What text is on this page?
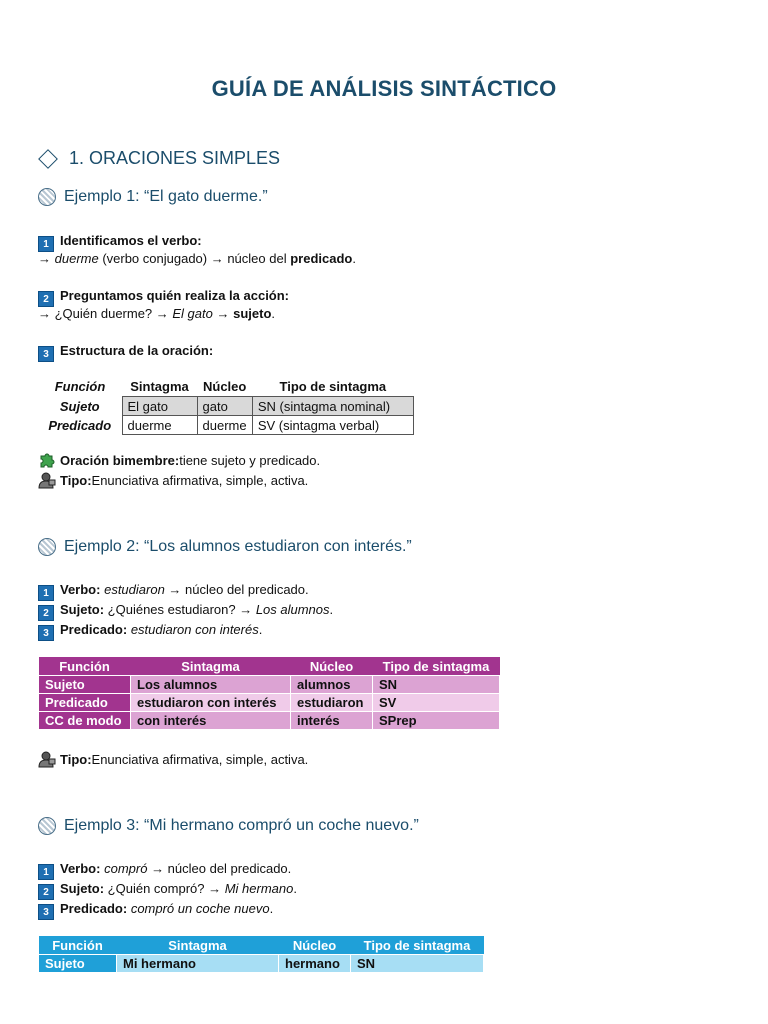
GUÍA DE ANÁLISIS SINTÁCTICO
1. ORACIONES SIMPLES
Ejemplo 1: “El gato duerme.”
1 Identificamos el verbo:
→ duerme (verbo conjugado) → núcleo del predicado.
2 Preguntamos quién realiza la acción:
→ ¿Quién duerme? → El gato → sujeto.
3 Estructura de la oración:
Función	Sintagma	Núcleo	Tipo de sintagma
Sujeto	El gato	gato	SN (sintagma nominal)
Predicado	duerme	duerme	SV (sintagma verbal)
Oración bimembre: tiene sujeto y predicado.
Tipo: Enunciativa afirmativa, simple, activa.
Ejemplo 2: “Los alumnos estudiaron con interés.”
1 Verbo: estudiaron → núcleo del predicado.
2 Sujeto: ¿Quiénes estudiaron? → Los alumnos.
3 Predicado: estudiaron con interés.
Función	Sintagma	Núcleo	Tipo de sintagma
Sujeto	Los alumnos	alumnos	SN
Predicado	estudiaron con interés	estudiaron	SV
CC de modo	con interés	interés	SPrep
Tipo: Enunciativa afirmativa, simple, activa.
Ejemplo 3: “Mi hermano compró un coche nuevo.”
1 Verbo: compró → núcleo del predicado.
2 Sujeto: ¿Quién compró? → Mi hermano.
3 Predicado: compró un coche nuevo.
Función	Sintagma	Núcleo	Tipo de sintagma
Sujeto	Mi hermano	hermano	SN
